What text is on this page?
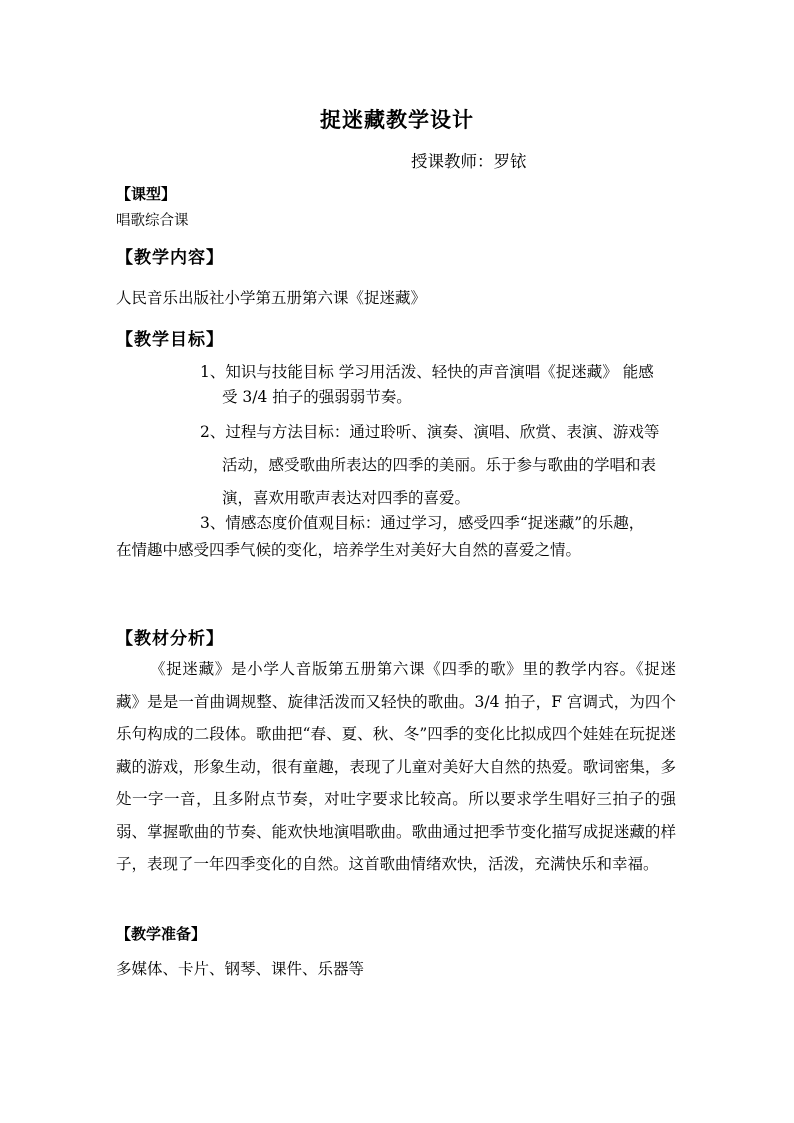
捉迷藏教学设计
授课教师：罗铱
【课型】
唱歌综合课
【教学内容】
人民音乐出版社小学第五册第六课《捉迷藏》
【教学目标】
1、知识与技能目标 学习用活泼、轻快的声音演唱《捉迷藏》 能感
受 3/4 拍子的强弱弱节奏。
2、过程与方法目标：通过聆听、演奏、演唱、欣赏、表演、游戏等
活动，感受歌曲所表达的四季的美丽。乐于参与歌曲的学唱和表
演，喜欢用歌声表达对四季的喜爱。
3、情感态度价值观目标：通过学习，感受四季“捉迷藏”的乐趣，
在情趣中感受四季气候的变化，培养学生对美好大自然的喜爱之情。
【教材分析】
《捉迷藏》是小学人音版第五册第六课《四季的歌》里的教学内容。《捉迷藏》是是一首曲调规整、旋律活泼而又轻快的歌曲。3/4 拍子，F 宫调式，为四个乐句构成的二段体。歌曲把“春、夏、秋、冬”四季的变化比拟成四个娃娃在玩捉迷藏的游戏，形象生动，很有童趣，表现了儿童对美好大自然的热爱。歌词密集，多处一字一音，且多附点节奏，对吐字要求比较高。所以要求学生唱好三拍子的强弱、掌握歌曲的节奏、能欢快地演唱歌曲。歌曲通过把季节变化描写成捉迷藏的样子，表现了一年四季变化的自然。这首歌曲情绪欢快，活泼，充满快乐和幸福。
【教学准备】
多媒体、卡片、钢琴、课件、乐器等
